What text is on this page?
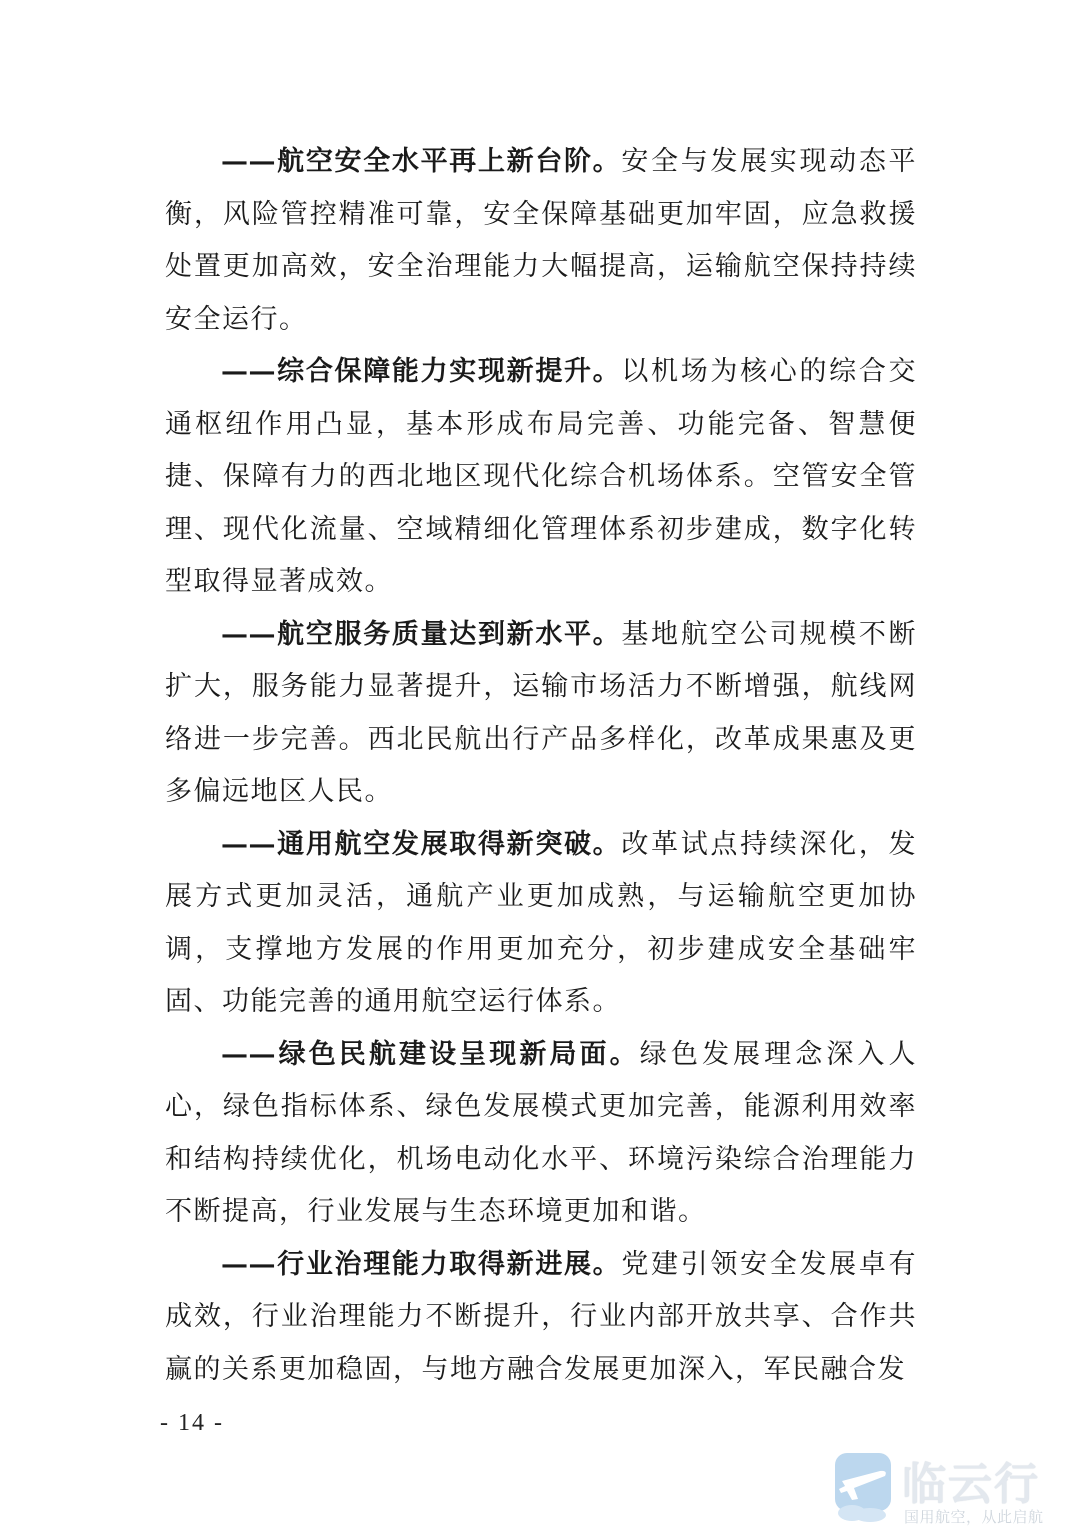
——航空安全水平再上新台阶。安全与发展实现动态平衡，风险管控精准可靠，安全保障基础更加牢固，应急救援处置更加高效，安全治理能力大幅提高，运输航空保持持续安全运行。

——综合保障能力实现新提升。以机场为核心的综合交通枢纽作用凸显，基本形成布局完善、功能完备、智慧便捷、保障有力的西北地区现代化综合机场体系。空管安全管理、现代化流量、空域精细化管理体系初步建成，数字化转型取得显著成效。

——航空服务质量达到新水平。基地航空公司规模不断扩大，服务能力显著提升，运输市场活力不断增强，航线网络进一步完善。西北民航出行产品多样化，改革成果惠及更多偏远地区人民。

——通用航空发展取得新突破。改革试点持续深化，发展方式更加灵活，通航产业更加成熟，与运输航空更加协调，支撑地方发展的作用更加充分，初步建成安全基础牢固、功能完善的通用航空运行体系。

——绿色民航建设呈现新局面。绿色发展理念深入人心，绿色指标体系、绿色发展模式更加完善，能源利用效率和结构持续优化，机场电动化水平、环境污染综合治理能力不断提高，行业发展与生态环境更加和谐。

——行业治理能力取得新进展。党建引领安全发展卓有成效，行业治理能力不断提升，行业内部开放共享、合作共赢的关系更加稳固，与地方融合发展更加深入，军民融合发

- 14 -
临云行
国用航空，从此启航
